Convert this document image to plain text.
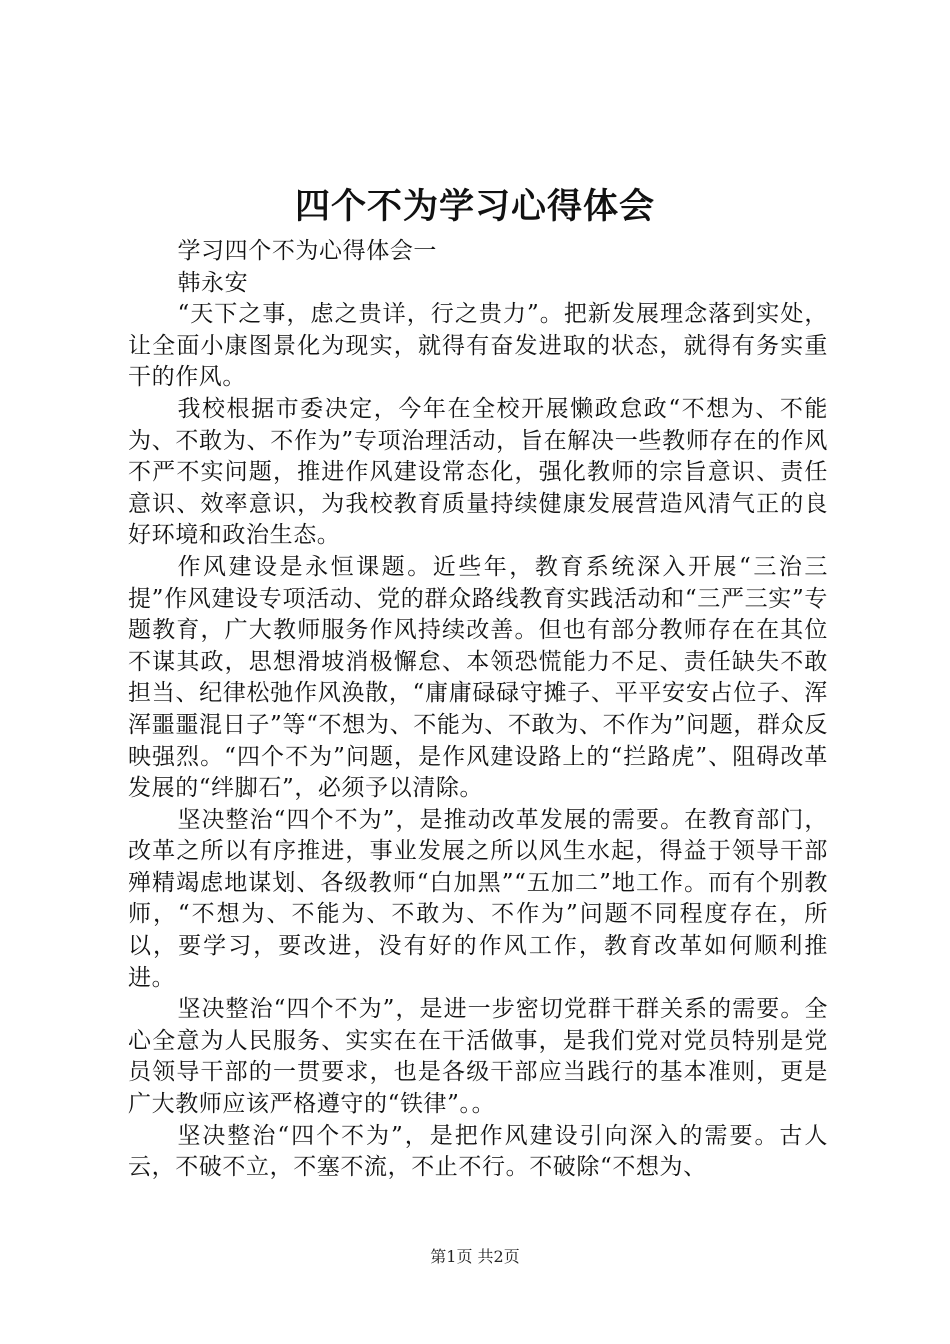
四个不为学习心得体会

学习四个不为心得体会一

韩永安

“天下之事，虑之贵详，行之贵力”。把新发展理念落到实处，让全面小康图景化为现实，就得有奋发进取的状态，就得有务实重干的作风。

我校根据市委决定，今年在全校开展懒政怠政“不想为、不能为、不敢为、不作为”专项治理活动，旨在解决一些教师存在的作风不严不实问题，推进作风建设常态化，强化教师的宗旨意识、责任意识、效率意识，为我校教育质量持续健康发展营造风清气正的良好环境和政治生态。

作风建设是永恒课题。近些年，教育系统深入开展“三治三提”作风建设专项活动、党的群众路线教育实践活动和“三严三实”专题教育，广大教师服务作风持续改善。但也有部分教师存在在其位不谋其政，思想滑坡消极懈怠、本领恐慌能力不足、责任缺失不敢担当、纪律松弛作风涣散，“庸庸碌碌守摊子、平平安安占位子、浑浑噩噩混日子”等“不想为、不能为、不敢为、不作为”问题，群众反映强烈。“四个不为”问题，是作风建设路上的“拦路虎”、阻碍改革发展的“绊脚石”，必须予以清除。

坚决整治“四个不为”，是推动改革发展的需要。在教育部门，改革之所以有序推进，事业发展之所以风生水起，得益于领导干部殚精竭虑地谋划、各级教师“白加黑”“五加二”地工作。而有个别教师，“不想为、不能为、不敢为、不作为”问题不同程度存在，所以，要学习，要改进，没有好的作风工作，教育改革如何顺利推进。

坚决整治“四个不为”，是进一步密切党群干群关系的需要。全心全意为人民服务、实实在在干活做事，是我们党对党员特别是党员领导干部的一贯要求，也是各级干部应当践行的基本准则，更是广大教师应该严格遵守的“铁律”。。

坚决整治“四个不为”，是把作风建设引向深入的需要。古人云，不破不立，不塞不流，不止不行。不破除“不想为、

第1页 共2页
